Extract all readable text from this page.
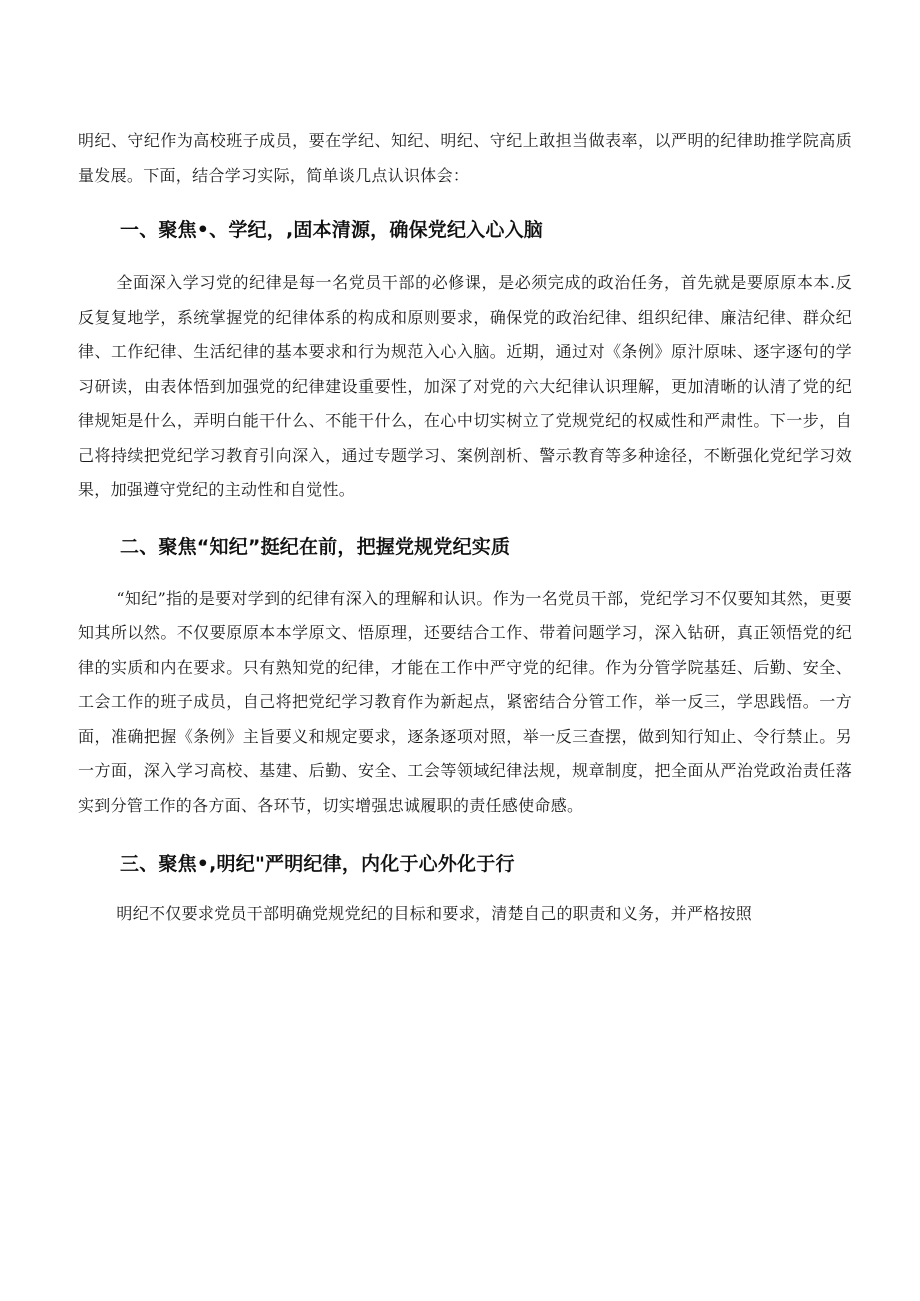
明纪、守纪作为高校班子成员，要在学纪、知纪、明纪、守纪上敢担当做表率，以严明的纪律助推学院高质量发展。下面，结合学习实际，简单谈几点认识体会：

一、聚焦•、学纪，,固本清源，确保党纪入心入脑

全面深入学习党的纪律是每一名党员干部的必修课，是必须完成的政治任务，首先就是要原原本本.反反复复地学，系统掌握党的纪律体系的构成和原则要求，确保党的政治纪律、组织纪律、廉洁纪律、群众纪律、工作纪律、生活纪律的基本要求和行为规范入心入脑。近期，通过对《条例》原汁原味、逐字逐句的学习研读，由表体悟到加强党的纪律建设重要性，加深了对党的六大纪律认识理解，更加清晰的认清了党的纪律规矩是什么，弄明白能干什么、不能干什么，在心中切实树立了党规党纪的权威性和严肃性。下一步，自己将持续把党纪学习教育引向深入，通过专题学习、案例剖析、警示教育等多种途径，不断强化党纪学习效果，加强遵守党纪的主动性和自觉性。

二、聚焦“知纪”挺纪在前，把握党规党纪实质

“知纪”指的是要对学到的纪律有深入的理解和认识。作为一名党员干部，党纪学习不仅要知其然，更要知其所以然。不仅要原原本本学原文、悟原理，还要结合工作、带着问题学习，深入钻研，真正领悟党的纪律的实质和内在要求。只有熟知党的纪律，才能在工作中严守党的纪律。作为分管学院基廷、后勤、安全、工会工作的班子成员，自己将把党纪学习教育作为新起点，紧密结合分管工作，举一反三，学思践悟。一方面，准确把握《条例》主旨要义和规定要求，逐条逐项对照，举一反三查摆，做到知行知止、令行禁止。另一方面，深入学习高校、基建、后勤、安全、工会等领域纪律法规，规章制度，把全面从严治党政治责任落实到分管工作的各方面、各环节，切实增强忠诚履职的责任感使命感。

三、聚焦•,明纪"严明纪律，内化于心外化于行

明纪不仅要求党员干部明确党规党纪的目标和要求，清楚自己的职责和义务，并严格按照
